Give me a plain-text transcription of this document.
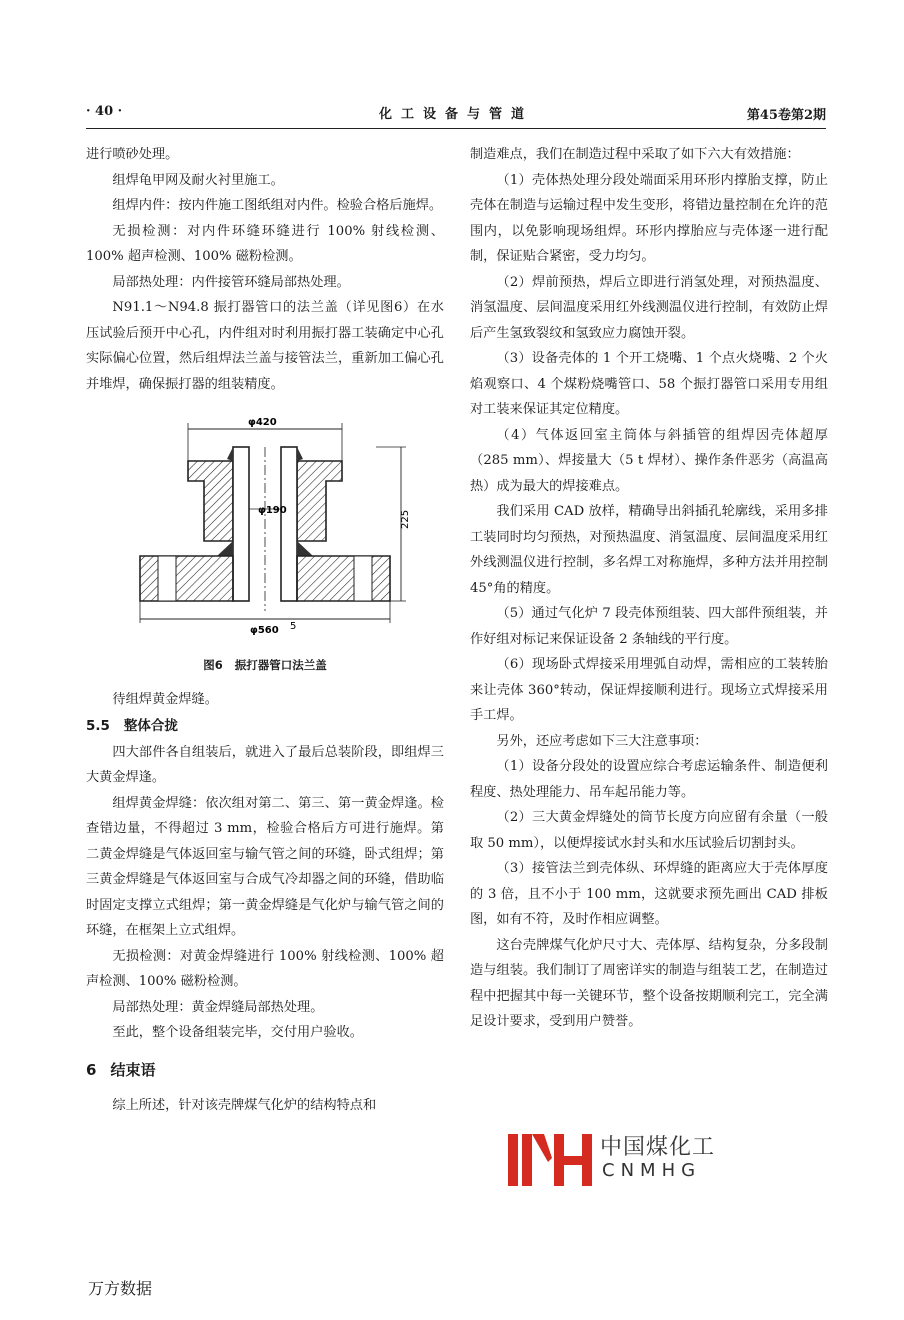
· 40 ·	化工设备与管道	第45卷第2期

进行喷砂处理。

组焊龟甲网及耐火衬里施工。

组焊内件：按内件施工图纸组对内件。检验合格后施焊。

无损检测：对内件环缝环缝进行 100% 射线检测、100% 超声检测、100% 磁粉检测。

局部热处理：内件接管环缝局部热处理。

N91.1～N94.8 振打器管口的法兰盖（详见图6）在水压试验后预开中心孔，内件组对时利用振打器工装确定中心孔实际偏心位置，然后组焊法兰盖与接管法兰，重新加工偏心孔并堆焊，确保振打器的组装精度。

φ420
φ190	225
φ560 5
图6 振打器管口法兰盖

待组焊黄金焊缝。

5.5 整体合拢

四大部件各自组装后，就进入了最后总装阶段，即组焊三大黄金焊逢。

组焊黄金焊缝：依次组对第二、第三、第一黄金焊逢。检查错边量，不得超过 3 mm，检验合格后方可进行施焊。第二黄金焊缝是气体返回室与输气管之间的环缝，卧式组焊；第三黄金焊缝是气体返回室与合成气冷却器之间的环缝，借助临时固定支撑立式组焊；第一黄金焊缝是气化炉与输气管之间的环缝，在框架上立式组焊。

无损检测：对黄金焊缝进行 100% 射线检测、100% 超声检测、100% 磁粉检测。

局部热处理：黄金焊缝局部热处理。

至此，整个设备组装完毕，交付用户验收。

6 结束语

综上所述，针对该壳牌煤气化炉的结构特点和

制造难点，我们在制造过程中采取了如下六大有效措施：

（1）壳体热处理分段处端面采用环形内撑胎支撑，防止壳体在制造与运输过程中发生变形，将错边量控制在允许的范围内，以免影响现场组焊。环形内撑胎应与壳体逐一进行配制，保证贴合紧密，受力均匀。

（2）焊前预热，焊后立即进行消氢处理，对预热温度、消氢温度、层间温度采用红外线测温仪进行控制，有效防止焊后产生氢致裂纹和氢致应力腐蚀开裂。

（3）设备壳体的 1 个开工烧嘴、1 个点火烧嘴、2 个火焰观察口、4 个煤粉烧嘴管口、58 个振打器管口采用专用组对工装来保证其定位精度。

（4）气体返回室主筒体与斜插管的组焊因壳体超厚（285 mm）、焊接量大（5 t 焊材）、操作条件恶劣（高温高热）成为最大的焊接难点。

我们采用 CAD 放样，精确导出斜插孔轮廓线，采用多排工装同时均匀预热，对预热温度、消氢温度、层间温度采用红外线测温仪进行控制，多名焊工对称施焊，多种方法并用控制 45°角的精度。

（5）通过气化炉 7 段壳体预组装、四大部件预组装，并作好组对标记来保证设备 2 条轴线的平行度。

（6）现场卧式焊接采用埋弧自动焊，需相应的工装转胎来让壳体 360°转动，保证焊接顺利进行。现场立式焊接采用手工焊。

另外，还应考虑如下三大注意事项：

（1）设备分段处的设置应综合考虑运输条件、制造便利程度、热处理能力、吊车起吊能力等。

（2）三大黄金焊缝处的筒节长度方向应留有余量（一般取 50 mm），以便焊接试水封头和水压试验后切割封头。

（3）接管法兰到壳体纵、环焊缝的距离应大于壳体厚度的 3 倍，且不小于 100 mm，这就要求预先画出 CAD 排板图，如有不符，及时作相应调整。

这台壳牌煤气化炉尺寸大、壳体厚、结构复杂，分多段制造与组装。我们制订了周密详实的制造与组装工艺，在制造过程中把握其中每一关键环节，整个设备按期顺利完工，完全满足设计要求，受到用户赞誉。

中国煤化工
CNMHG
万方数据
